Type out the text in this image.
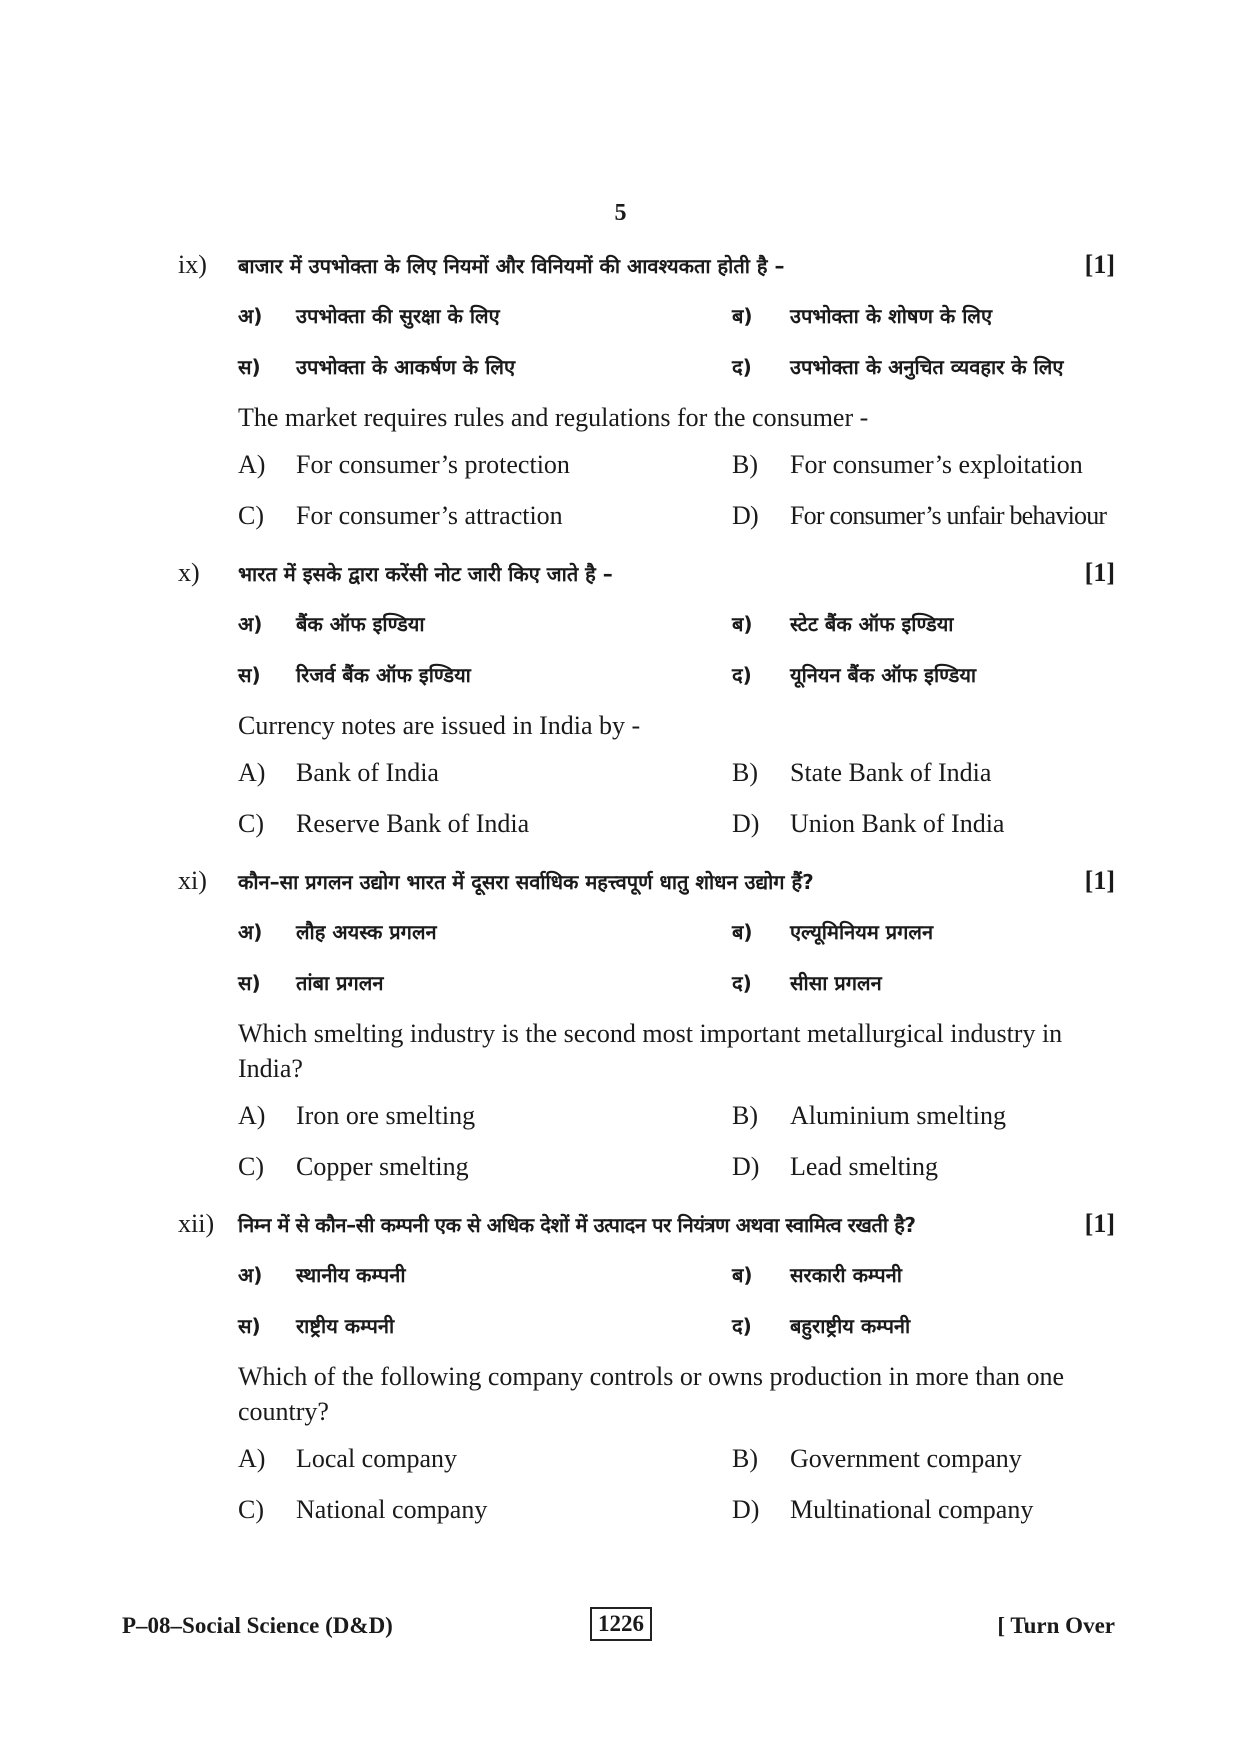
5
ix) बाजार में उपभोक्ता के लिए नियमों और विनियमों की आवश्यकता होती है –	[1]
अ) उपभोक्ता की सुरक्षा के लिए	ब) उपभोक्ता के शोषण के लिए
स) उपभोक्ता के आकर्षण के लिए	द) उपभोक्ता के अनुचित व्यवहार के लिए
The market requires rules and regulations for the consumer -
A) For consumer’s protection	B) For consumer’s exploitation
C) For consumer’s attraction	D) For consumer’s unfair behaviour
x) भारत में इसके द्वारा करेंसी नोट जारी किए जाते है –	[1]
अ) बैंक ऑफ इण्डिया	ब) स्टेट बैंक ऑफ इण्डिया
स) रिजर्व बैंक ऑफ इण्डिया	द) यूनियन बैंक ऑफ इण्डिया
Currency notes are issued in India by -
A) Bank of India	B) State Bank of India
C) Reserve Bank of India	D) Union Bank of India
xi) कौन–सा प्रगलन उद्योग भारत में दूसरा सर्वाधिक महत्त्वपूर्ण धातु शोधन उद्योग हैं?	[1]
अ) लौह अयस्क प्रगलन	ब) एल्यूमिनियम प्रगलन
स) तांबा प्रगलन	द) सीसा प्रगलन
Which smelting industry is the second most important metallurgical industry in India?
A) Iron ore smelting	B) Aluminium smelting
C) Copper smelting	D) Lead smelting
xii) निम्न में से कौन–सी कम्पनी एक से अधिक देशों में उत्पादन पर नियंत्रण अथवा स्वामित्व रखती है?	[1]
अ) स्थानीय कम्पनी	ब) सरकारी कम्पनी
स) राष्ट्रीय कम्पनी	द) बहुराष्ट्रीय कम्पनी
Which of the following company controls or owns production in more than one country?
A) Local company	B) Government company
C) National company	D) Multinational company
P–08–Social Science (D&D)	1226	[ Turn Over
